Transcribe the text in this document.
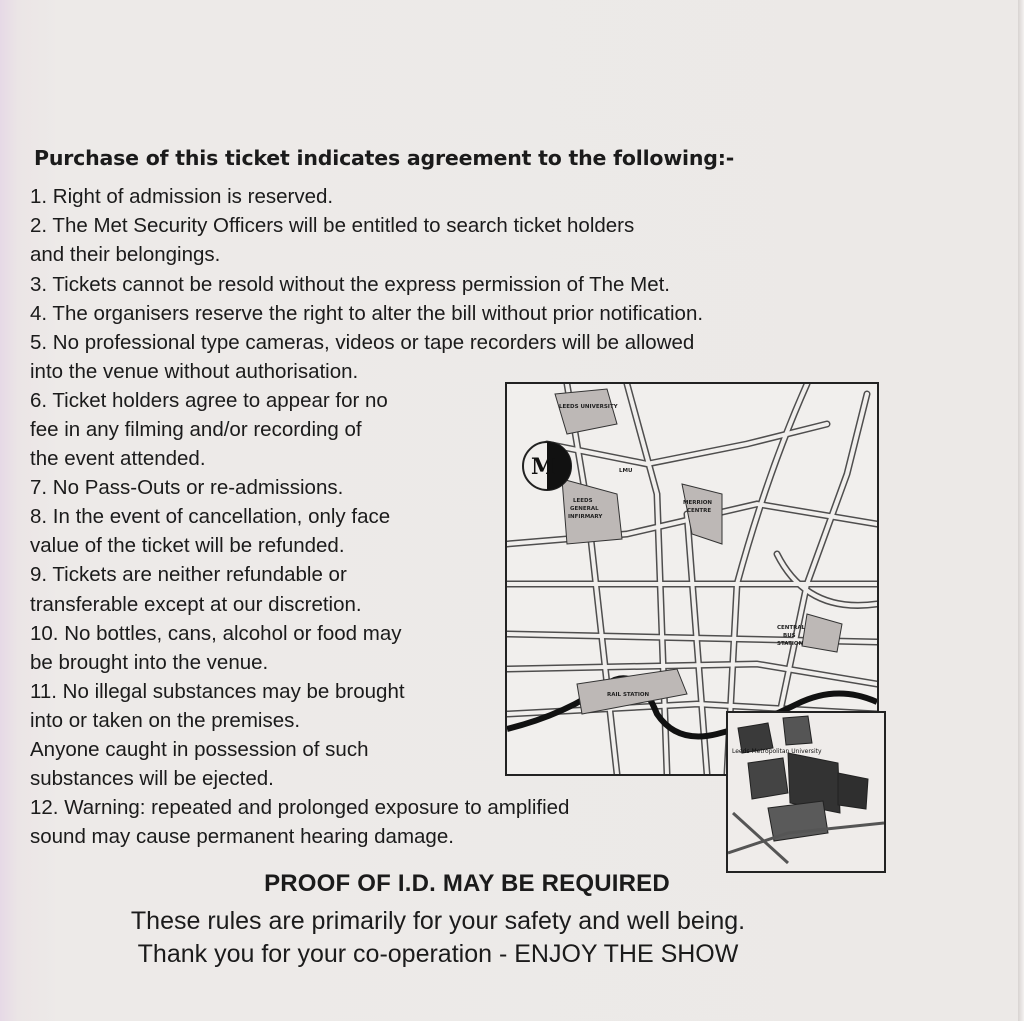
Purchase of this ticket indicates agreement to the following:-
1. Right of admission is reserved.
2. The Met Security Officers will be entitled to search ticket holders
and their belongings.
3. Tickets cannot be resold without the express permission of The Met.
4. The organisers reserve the right to alter the bill without prior notification.
5. No professional type cameras, videos or tape recorders will be allowed
into the venue without authorisation.
6. Ticket holders agree to appear for no
fee in any filming and/or recording of
the event attended.
7. No Pass-Outs or re-admissions.
8. In the event of cancellation, only face
value of the ticket will be refunded.
9. Tickets are neither refundable or
transferable except at our discretion.
10. No bottles, cans, alcohol or food may
be brought into the venue.
11. No illegal substances may be brought
into or taken on the premises.
Anyone caught in possession of such
substances will be ejected.
12. Warning: repeated and prolonged exposure to amplified
sound may cause permanent hearing damage.
M
LEEDS UNIVERSITY
LMU
LEEDS
GENERAL
INFIRMARY
MERRION
CENTRE
CENTRAL
BUS
STATION
RAIL STATION
Leeds Metropolitan University
PROOF OF I.D. MAY BE REQUIRED
These rules are primarily for your safety and well being.
Thank you for your co-operation - ENJOY THE SHOW
